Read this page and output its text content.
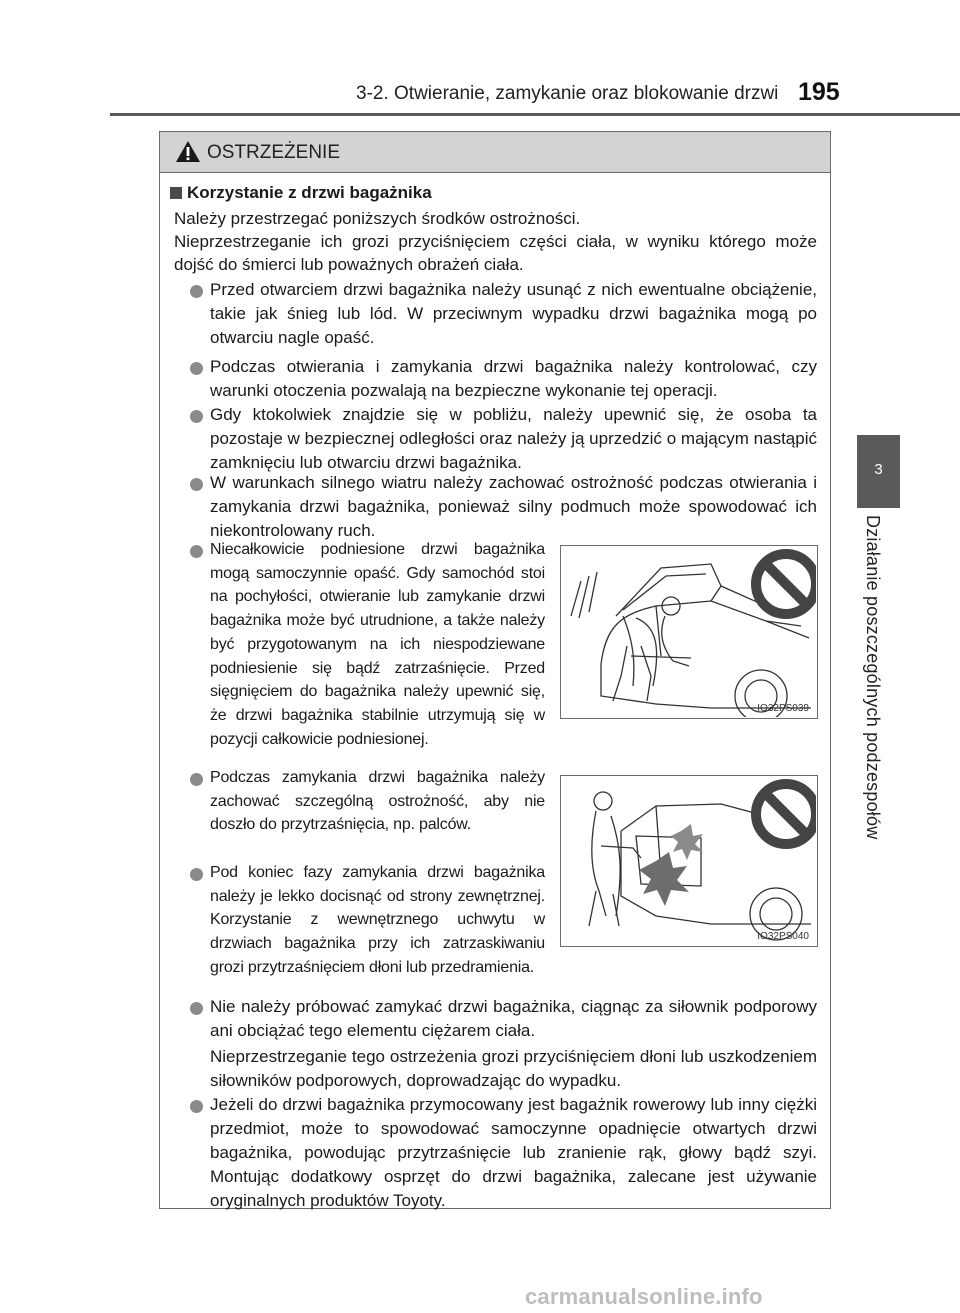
3-2. Otwieranie, zamykanie oraz blokowanie drzwi 195
3
Działanie poszczególnych podzespołów
OSTRZEŻENIE
Korzystanie z drzwi bagażnika
Należy przestrzegać poniższych środków ostrożności.
Nieprzestrzeganie ich grozi przyciśnięciem części ciała, w wyniku którego może dojść do śmierci lub poważnych obrażeń ciała.
Przed otwarciem drzwi bagażnika należy usunąć z nich ewentualne obciążenie, takie jak śnieg lub lód. W przeciwnym wypadku drzwi bagażnika mogą po otwarciu nagle opaść.
Podczas otwierania i zamykania drzwi bagażnika należy kontrolować, czy warunki otoczenia pozwalają na bezpieczne wykonanie tej operacji.
Gdy ktokolwiek znajdzie się w pobliżu, należy upewnić się, że osoba ta pozostaje w bezpiecznej odległości oraz należy ją uprzedzić o mającym nastąpić zamknięciu lub otwarciu drzwi bagażnika.
W warunkach silnego wiatru należy zachować ostrożność podczas otwierania i zamykania drzwi bagażnika, ponieważ silny podmuch może spowodować ich niekontrolowany ruch.
Niecałkowicie podniesione drzwi bagażnika mogą samoczynnie opaść. Gdy samochód stoi na pochyłości, otwieranie lub zamykanie drzwi bagażnika może być utrudnione, a także należy być przygotowanym na ich niespodziewane podniesienie się bądź zatrzaśnięcie. Przed sięgnięciem do bagażnika należy upewnić się, że drzwi bagażnika stabilnie utrzymują się w pozycji całkowicie podniesionej.
IO32PS039
Podczas zamykania drzwi bagażnika należy zachować szczególną ostrożność, aby nie doszło do przytrzaśnięcia, np. palców.
Pod koniec fazy zamykania drzwi bagażnika należy je lekko docisnąć od strony zewnętrznej. Korzystanie z wewnętrznego uchwytu w drzwiach bagażnika przy ich zatrzaskiwaniu grozi przytrzaśnięciem dłoni lub przedramienia.
IO32PS040
Nie należy próbować zamykać drzwi bagażnika, ciągnąc za siłownik podporowy ani obciążać tego elementu ciężarem ciała.
Nieprzestrzeganie tego ostrzeżenia grozi przyciśnięciem dłoni lub uszkodzeniem siłowników podporowych, doprowadzając do wypadku.
Jeżeli do drzwi bagażnika przymocowany jest bagażnik rowerowy lub inny ciężki przedmiot, może to spowodować samoczynne opadnięcie otwartych drzwi bagażnika, powodując przytrzaśnięcie lub zranienie rąk, głowy bądź szyi. Montując dodatkowy osprzęt do drzwi bagażnika, zalecane jest używanie oryginalnych produktów Toyoty.
carmanualsonline.info
